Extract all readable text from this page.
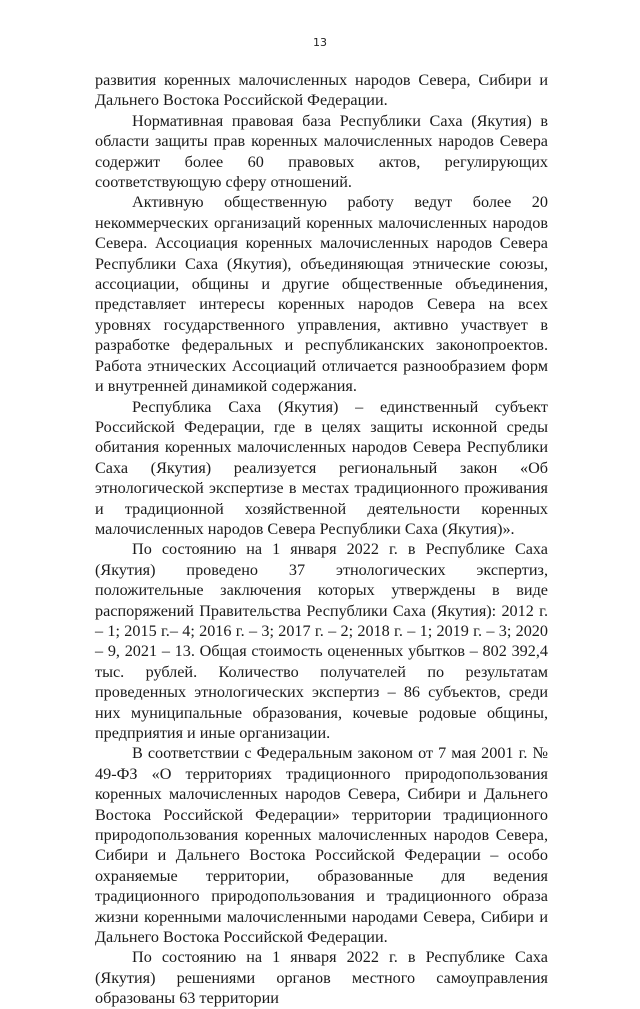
13

развития коренных малочисленных народов Севера, Сибири и Дальнего Востока Российской Федерации.

Нормативная правовая база Республики Саха (Якутия) в области защиты прав коренных малочисленных народов Севера содержит более 60 правовых актов, регулирующих соответствующую сферу отношений.

Активную общественную работу ведут более 20 некоммерческих организаций коренных малочисленных народов Севера. Ассоциация коренных малочисленных народов Севера Республики Саха (Якутия), объединяющая этнические союзы, ассоциации, общины и другие общественные объединения, представляет интересы коренных народов Севера на всех уровнях государственного управления, активно участвует в разработке федеральных и республиканских законопроектов. Работа этнических Ассоциаций отличается разнообразием форм и внутренней динамикой содержания.

Республика Саха (Якутия) – единственный субъект Российской Федерации, где в целях защиты исконной среды обитания коренных малочисленных народов Севера Республики Саха (Якутия) реализуется региональный закон «Об этнологической экспертизе в местах традиционного проживания и традиционной хозяйственной деятельности коренных малочисленных народов Севера Республики Саха (Якутия)».

По состоянию на 1 января 2022 г. в Республике Саха (Якутия) проведено 37 этнологических экспертиз, положительные заключения которых утверждены в виде распоряжений Правительства Республики Саха (Якутия): 2012 г. – 1; 2015 г.– 4; 2016 г. – 3; 2017 г. – 2; 2018 г. – 1; 2019 г. – 3; 2020 – 9, 2021 – 13. Общая стоимость оцененных убытков – 802 392,4 тыс. рублей. Количество получателей по результатам проведенных этнологических экспертиз – 86 субъектов, среди них муниципальные образования, кочевые родовые общины, предприятия и иные организации.

В соответствии с Федеральным законом от 7 мая 2001 г. № 49-ФЗ «О территориях традиционного природопользования коренных малочисленных народов Севера, Сибири и Дальнего Востока Российской Федерации» территории традиционного природопользования коренных малочисленных народов Севера, Сибири и Дальнего Востока Российской Федерации – особо охраняемые территории, образованные для ведения традиционного природопользования и традиционного образа жизни коренными малочисленными народами Севера, Сибири и Дальнего Востока Российской Федерации.

По состоянию на 1 января 2022 г. в Республике Саха (Якутия) решениями органов местного самоуправления образованы 63 территории
